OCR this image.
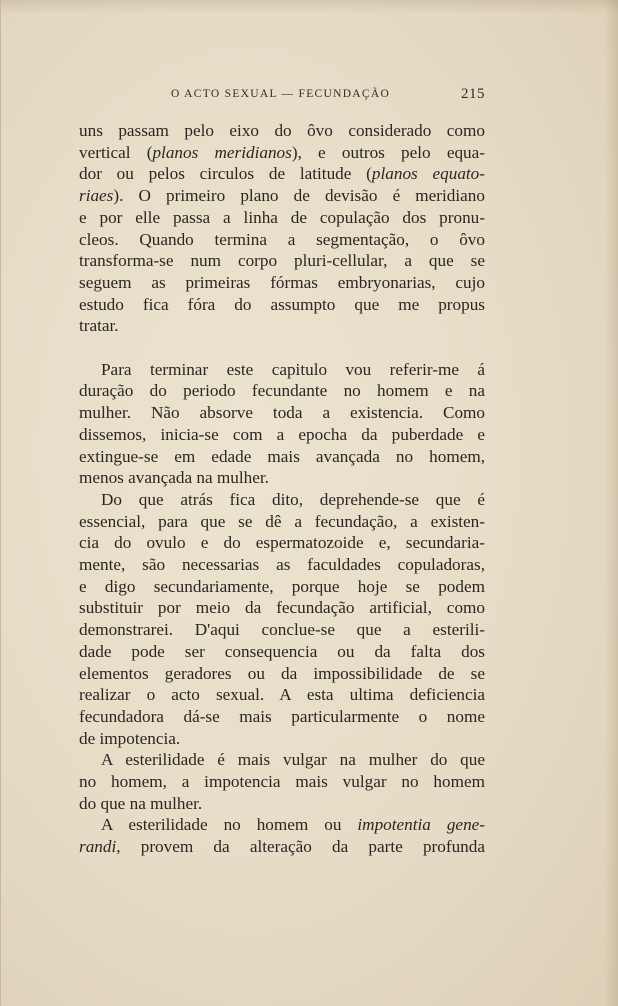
O ACTO SEXUAL — FECUNDAÇÃO	215
uns passam pelo eixo do ôvo considerado como
vertical (planos meridianos), e outros pelo equa-
dor ou pelos circulos de latitude (planos equato-
riaes). O primeiro plano de devisão é meridiano
e por elle passa a linha de copulação dos pronu-
cleos. Quando termina a segmentação, o ôvo
transforma-se num corpo pluri-cellular, a que se
seguem as primeiras fórmas embryonarias, cujo
estudo fica fóra do assumpto que me propus
tratar.
Para terminar este capitulo vou referir-me á
duração do periodo fecundante no homem e na
mulher. Não absorve toda a existencia. Como
dissemos, inicia-se com a epocha da puberdade e
extingue-se em edade mais avançada no homem,
menos avançada na mulher.
Do que atrás fica dito, deprehende-se que é
essencial, para que se dê a fecundação, a existen-
cia do ovulo e do espermatozoide e, secundaria-
mente, são necessarias as faculdades copuladoras,
e digo secundariamente, porque hoje se podem
substituir por meio da fecundação artificial, como
demonstrarei. D'aqui conclue-se que a esterili-
dade pode ser consequencia ou da falta dos
elementos geradores ou da impossibilidade de se
realizar o acto sexual. A esta ultima deficiencia
fecundadora dá-se mais particularmente o nome
de impotencia.
A esterilidade é mais vulgar na mulher do que
no homem, a impotencia mais vulgar no homem
do que na mulher.
A esterilidade no homem ou impotentia gene-
randi, provem da alteração da parte profunda
